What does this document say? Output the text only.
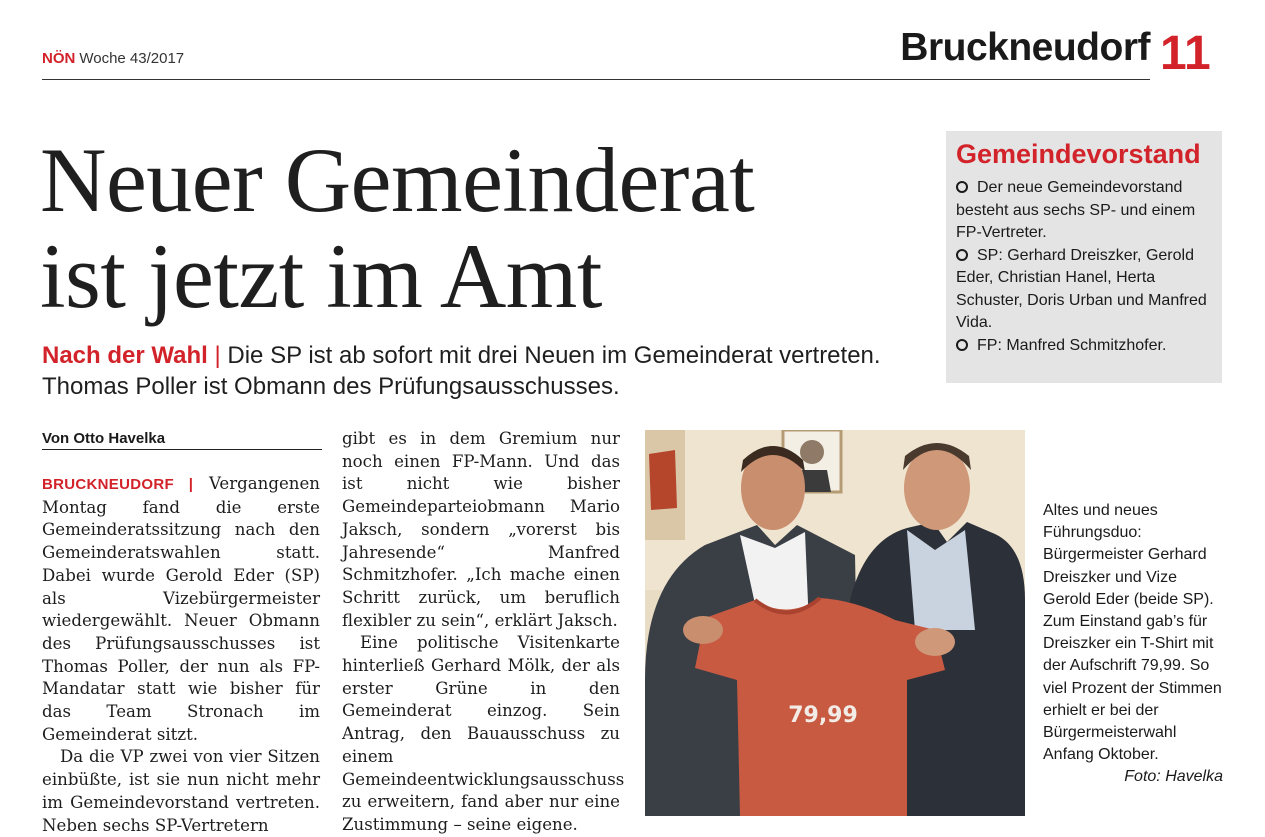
NÖN Woche 43/2017	Bruckneudorf 11
Neuer Gemeinderat
ist jetzt im Amt
Nach der Wahl | Die SP ist ab sofort mit drei Neuen im Gemeinderat vertreten. Thomas Poller ist Obmann des Prüfungsausschusses.
Gemeindevorstand

Der neue Gemeindevorstand besteht aus sechs SP- und einem FP-Vertreter.

SP: Gerhard Dreiszker, Gerold Eder, Christian Hanel, Herta Schuster, Doris Urban und Manfred Vida.

FP: Manfred Schmitzhofer.

Von Otto Havelka

BRUCKNEUDORF | Vergangenen Montag fand die erste Gemeinderatssitzung nach den Gemeinderatswahlen statt. Dabei wurde Gerold Eder (SP) als Vizebürgermeister wiedergewählt. Neuer Obmann des Prüfungsausschusses ist Thomas Poller, der nun als FP-Mandatar statt wie bisher für das Team Stronach im Gemeinderat sitzt.

Da die VP zwei von vier Sitzen einbüßte, ist sie nun nicht mehr im Gemeindevorstand vertreten. Neben sechs SP-Vertretern

gibt es in dem Gremium nur noch einen FP-Mann. Und das ist nicht wie bisher Gemeindeparteiobmann Mario Jaksch, sondern „vorerst bis Jahresende“ Manfred Schmitzhofer. „Ich mache einen Schritt zurück, um beruflich flexibler zu sein“, erklärt Jaksch.

Eine politische Visitenkarte hinterließ Gerhard Mölk, der als erster Grüne in den Gemeinderat einzog. Sein Antrag, den Bauausschuss zu einem Gemeindeentwicklungsausschuss zu erweitern, fand aber nur eine Zustimmung – seine eigene.

79,99
Altes und neues Führungsduo: Bürgermeister Gerhard Dreiszker und Vize Gerold Eder (beide SP). Zum Einstand gab’s für Dreiszker ein T-Shirt mit der Aufschrift 79,99. So viel Prozent der Stimmen erhielt er bei der Bürgermeisterwahl Anfang Oktober.
Foto: Havelka
